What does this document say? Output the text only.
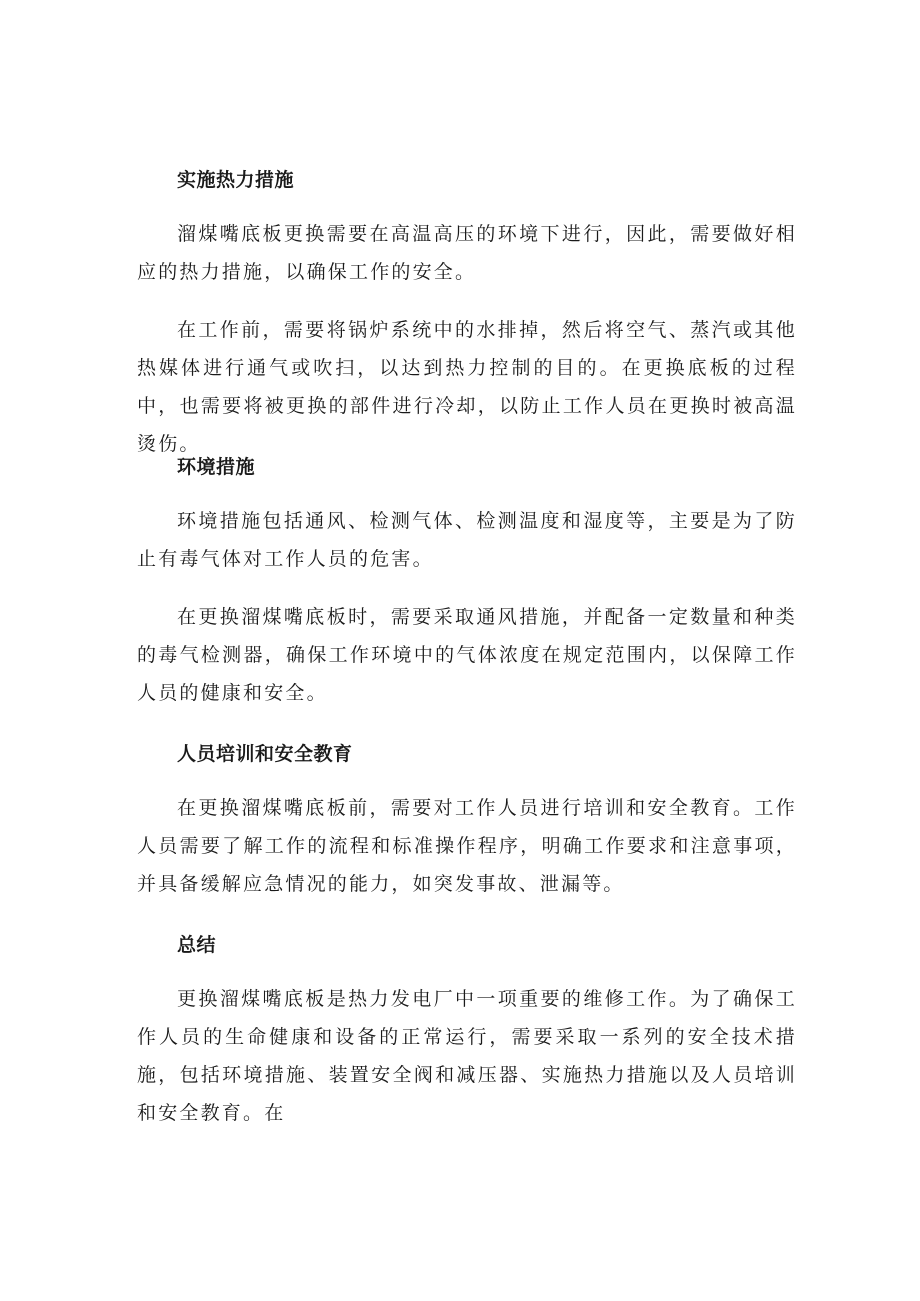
实施热力措施
溜煤嘴底板更换需要在高温高压的环境下进行，因此，需要做好相应的热力措施，以确保工作的安全。
在工作前，需要将锅炉系统中的水排掉，然后将空气、蒸汽或其他热媒体进行通气或吹扫，以达到热力控制的目的。在更换底板的过程中，也需要将被更换的部件进行冷却，以防止工作人员在更换时被高温烫伤。
环境措施
环境措施包括通风、检测气体、检测温度和湿度等，主要是为了防止有毒气体对工作人员的危害。
在更换溜煤嘴底板时，需要采取通风措施，并配备一定数量和种类的毒气检测器，确保工作环境中的气体浓度在规定范围内，以保障工作人员的健康和安全。
人员培训和安全教育
在更换溜煤嘴底板前，需要对工作人员进行培训和安全教育。工作人员需要了解工作的流程和标准操作程序，明确工作要求和注意事项，并具备缓解应急情况的能力，如突发事故、泄漏等。
总结
更换溜煤嘴底板是热力发电厂中一项重要的维修工作。为了确保工作人员的生命健康和设备的正常运行，需要采取一系列的安全技术措施，包括环境措施、装置安全阀和减压器、实施热力措施以及人员培训和安全教育。在
